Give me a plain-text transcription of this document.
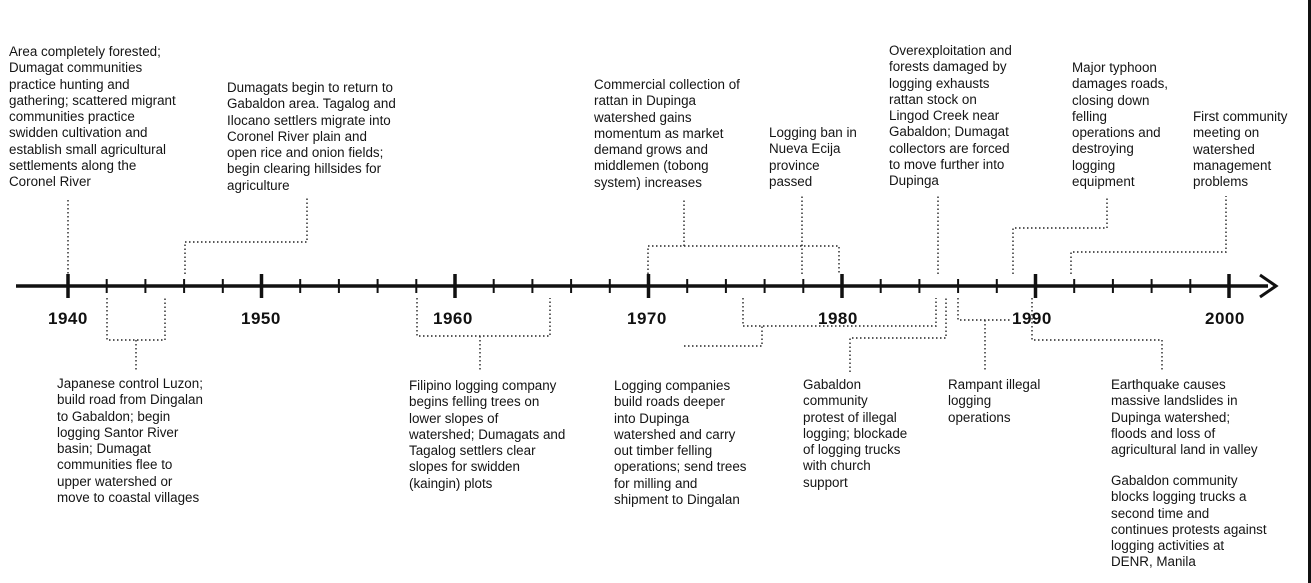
1940	1950	1960	1970	1980	1990	2000
Area completely forested;
Dumagat communities
practice hunting and
gathering; scattered migrant
communities practice
swidden cultivation and
establish small agricultural
settlements along the
Coronel River
Dumagats begin to return to
Gabaldon area. Tagalog and
Ilocano settlers migrate into
Coronel River plain and
open rice and onion fields;
begin clearing hillsides for
agriculture
Commercial collection of
rattan in Dupinga
watershed gains
momentum as market
demand grows and
middlemen (tobong
system) increases
Logging ban in
Nueva Ecija
province
passed
Overexploitation and
forests damaged by
logging exhausts
rattan stock on
Lingod Creek near
Gabaldon; Dumagat
collectors are forced
to move further into
Dupinga
Major typhoon
damages roads,
closing down
felling
operations and
destroying
logging
equipment
First community
meeting on
watershed
management
problems
Japanese control Luzon;
build road from Dingalan
to Gabaldon; begin
logging Santor River
basin; Dumagat
communities flee to
upper watershed or
move to coastal villages
Filipino logging company
begins felling trees on
lower slopes of
watershed; Dumagats and
Tagalog settlers clear
slopes for swidden
(kaingin) plots
Logging companies
build roads deeper
into Dupinga
watershed and carry
out timber felling
operations; send trees
for milling and
shipment to Dingalan
Gabaldon
community
protest of illegal
logging; blockade
of logging trucks
with church
support
Rampant illegal
logging
operations
Earthquake causes
massive landslides in
Dupinga watershed;
floods and loss of
agricultural land in valley
Gabaldon community
blocks logging trucks a
second time and
continues protests against
logging activities at
DENR, Manila
